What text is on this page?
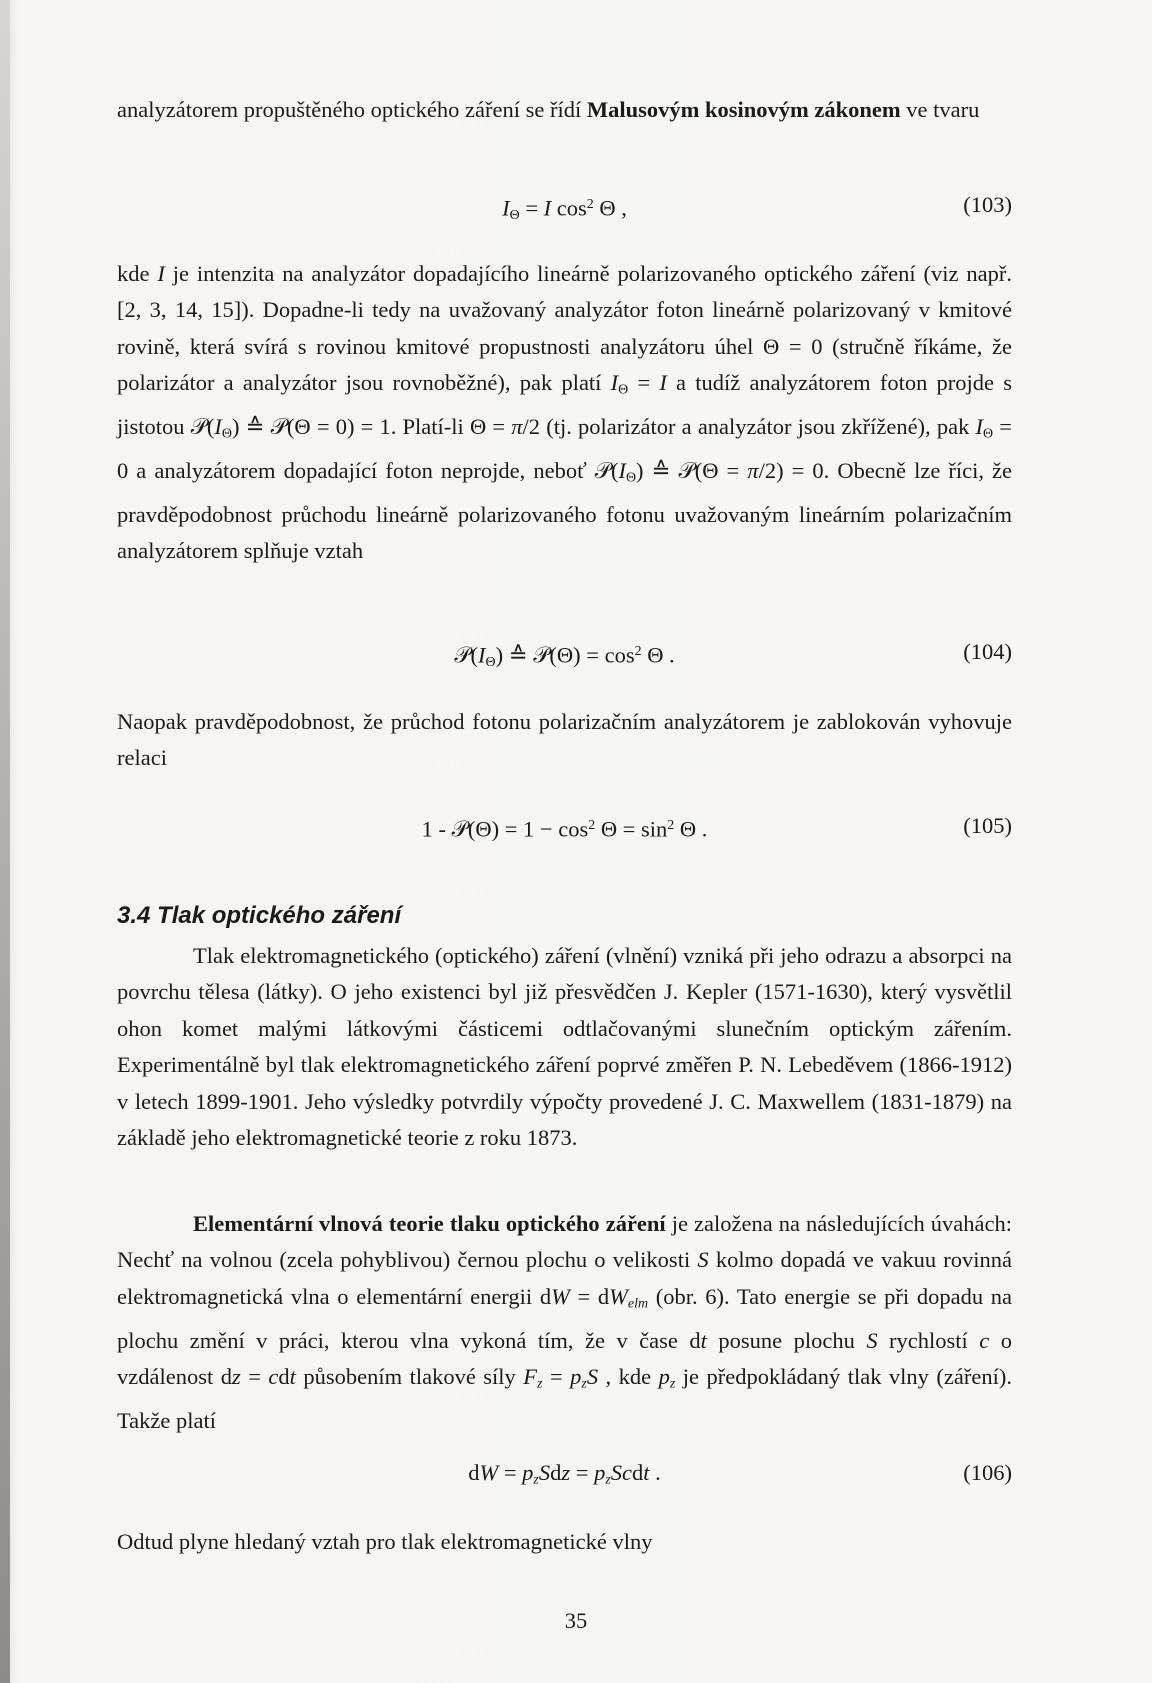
analyzátorem propuštěného optického záření se řídí Malusovým kosinovým zákonem ve tvaru

$I_\Theta = I$ $\cos^2 \Theta$ ,	(103)

kde I je intenzita na analyzátor dopadajícího lineárně polarizovaného optického záření (viz např. [2, 3, 14, 15]). Dopadne-li tedy na uvažovaný analyzátor foton lineárně polarizovaný v kmitové rovině, která svírá s rovinou kmitové propustnosti analyzátoru úhel Θ = 0 (stručně říkáme, že polarizátor a analyzátor jsou rovnoběžné), pak platí $I_\Theta = I$ a tudíž analyzátorem foton projde s jistotou $𝒫(I_\Theta)$ ≙ 𝒫(Θ = 0) = 1. Platí-li Θ = π/2 (tj. polarizátor a analyzátor jsou zkřížené), pak $I_\Theta = 0$ a analyzátorem dopadající foton neprojde, neboť $𝒫(I_\Theta)$ ≙ 𝒫(Θ = π/2) = 0. Obecně lze říci, že pravděpodobnost průchodu lineárně polarizovaného fotonu uvažovaným lineárním polarizačním analyzátorem splňuje vztah

$𝒫(I_\Theta)$ ≙ 𝒫(Θ) = $\cos^2 \Theta$ .	(104)

Naopak pravděpodobnost, že průchod fotonu polarizačním analyzátorem je zablokován vyhovuje relaci

1 - 𝒫(Θ) = $1 - \cos^2 \Theta = \sin^2 \Theta$ .	(105)
3.4 Tlak optického záření

Tlak elektromagnetického (optického) záření (vlnění) vzniká při jeho odrazu a absorpci na povrchu tělesa (látky). O jeho existenci byl již přesvědčen J. Kepler (1571-1630), který vysvětlil ohon komet malými látkovými částicemi odtlačovanými slunečním optickým zářením. Experimentálně byl tlak elektromagnetického záření poprvé změřen P. N. Lebeděvem (1866-1912) v letech 1899-1901. Jeho výsledky potvrdily výpočty provedené J. C. Maxwellem (1831-1879) na základě jeho elektromagnetické teorie z roku 1873.

Elementární vlnová teorie tlaku optického záření je založena na následujících úvahách: Nechť na volnou (zcela pohyblivou) černou plochu o velikosti S kolmo dopadá ve vakuu rovinná elektromagnetická vlna o elementární energii dW = $dW_{elm}$ (obr. 6). Tato energie se při dopadu na plochu změní v práci, kterou vlna vykoná tím, že v čase dt posune plochu S rychlostí c o vzdálenost dz = cdt působením tlakové síly $F_z = p_zS$ , kde $p_z$ je předpokládaný tlak vlny (záření). Takže platí

dW = $p_zSdz$ = $p_zScdt$ .	(106)

Odtud plyne hledaný vztah pro tlak elektromagnetické vlny

35
